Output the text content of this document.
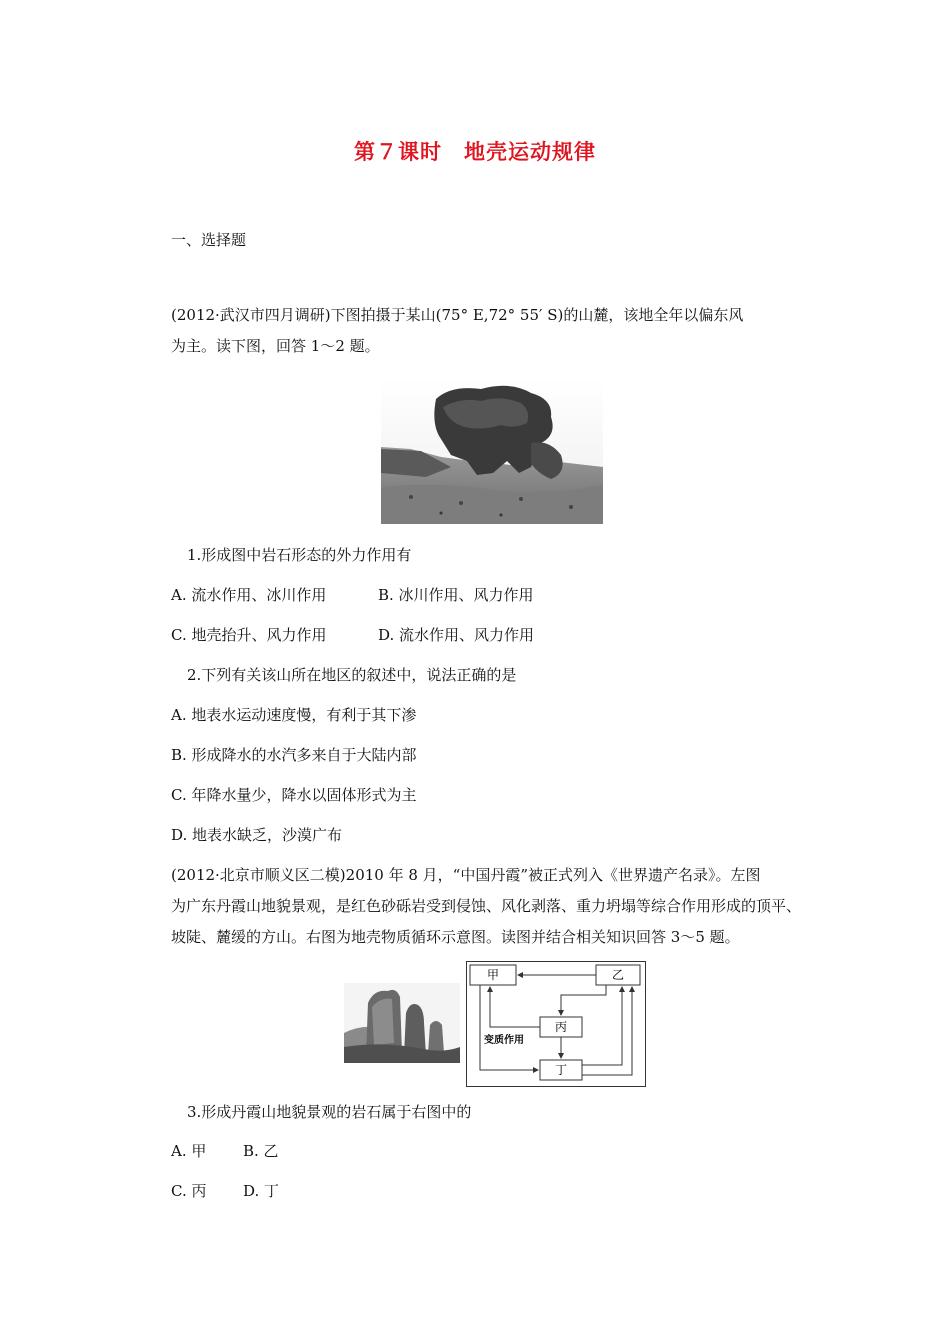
第７课时　地壳运动规律
一、选择题
(2012·武汉市四月调研)下图拍摄于某山(75° E,72° 55′ S)的山麓，该地全年以偏东风
为主。读下图，回答 1～2 题。
1.形成图中岩石形态的外力作用有
A. 流水作用、冰川作用	B. 冰川作用、风力作用
C. 地壳抬升、风力作用	D. 流水作用、风力作用
2.下列有关该山所在地区的叙述中，说法正确的是
A. 地表水运动速度慢，有利于其下渗
B. 形成降水的水汽多来自于大陆内部
C. 年降水量少，降水以固体形式为主
D. 地表水缺乏，沙漠广布
(2012·北京市顺义区二模)2010 年 8 月，“中国丹霞”被正式列入《世界遗产名录》。左图
为广东丹霞山地貌景观，是红色砂砾岩受到侵蚀、风化剥落、重力坍塌等综合作用形成的顶平、
坡陡、麓缓的方山。右图为地壳物质循环示意图。读图并结合相关知识回答 3～5 题。
甲	乙
丙
丁
变质作用
3.形成丹霞山地貌景观的岩石属于右图中的
A. 甲 B. 乙
C. 丙 D. 丁
